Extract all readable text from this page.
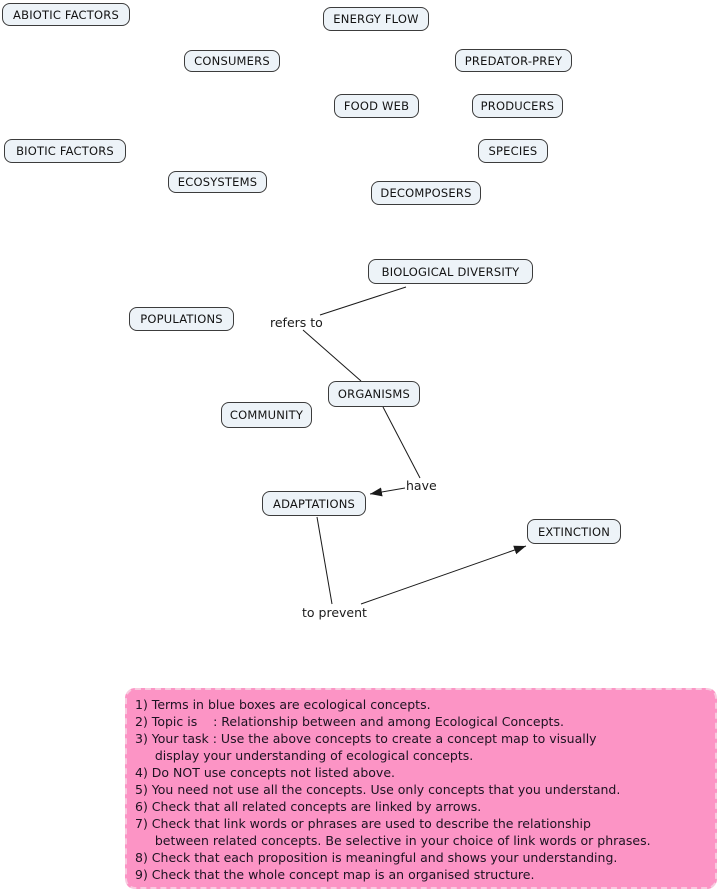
ABIOTIC FACTORS	ENERGY FLOW
CONSUMERS	PREDATOR-PREY
FOOD WEB	PRODUCERS
BIOTIC FACTORS	SPECIES
ECOSYSTEMS
DECOMPOSERS
BIOLOGICAL DIVERSITY
POPULATIONS
ORGANISMS
COMMUNITY
ADAPTATIONS
EXTINCTION
refers to
have
to prevent
1) Terms in blue boxes are ecological concepts.
2) Topic is    : Relationship between and among Ecological Concepts.
3) Your task : Use the above concepts to create a concept map to visually
display your understanding of ecological concepts.
4) Do NOT use concepts not listed above.
5) You need not use all the concepts. Use only concepts that you understand.
6) Check that all related concepts are linked by arrows.
7) Check that link words or phrases are used to describe the relationship
between related concepts. Be selective in your choice of link words or phrases.
8) Check that each proposition is meaningful and shows your understanding.
9) Check that the whole concept map is an organised structure.
